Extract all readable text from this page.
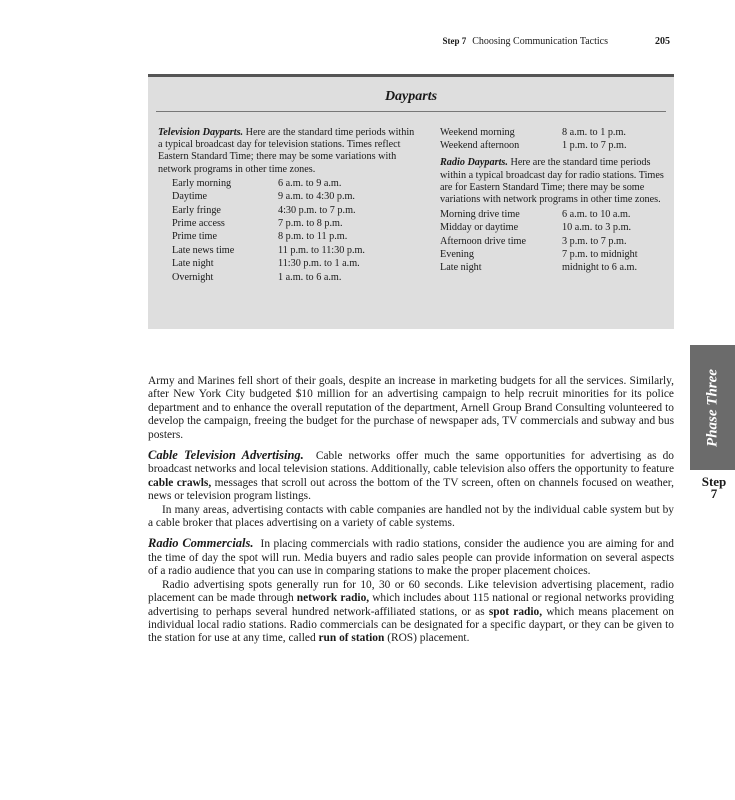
Step 7 Choosing Communication Tactics	205
Dayparts
Television Dayparts. Here are the standard time periods within a typical broadcast day for television stations. Times reflect Eastern Standard Time; there may be some variations with network programs in other time zones.
Early morning	6 a.m. to 9 a.m.
Daytime	9 a.m. to 4:30 p.m.
Early fringe	4:30 p.m. to 7 p.m.
Prime access	7 p.m. to 8 p.m.
Prime time	8 p.m. to 11 p.m.
Late news time	11 p.m. to 11:30 p.m.
Late night	11:30 p.m. to 1 a.m.
Overnight	1 a.m. to 6 a.m.
Weekend morning	8 a.m. to 1 p.m.
Weekend afternoon	1 p.m. to 7 p.m.
Radio Dayparts. Here are the standard time periods within a typical broadcast day for radio stations. Times are for Eastern Standard Time; there may be some variations with network programs in other time zones.
Morning drive time	6 a.m. to 10 a.m.
Midday or daytime	10 a.m. to 3 p.m.
Afternoon drive time	3 p.m. to 7 p.m.
Evening	7 p.m. to midnight
Late night	midnight to 6 a.m.
Phase Three
Step
7

Army and Marines fell short of their goals, despite an increase in marketing budgets for all the services. Similarly, after New York City budgeted $10 million for an advertising campaign to help recruit minorities for its police department and to enhance the overall reputation of the department, Arnell Group Brand Consulting volunteered to develop the campaign, freeing the budget for the purchase of newspaper ads, TV commercials and subway and bus posters.

Cable Television Advertising. Cable networks offer much the same opportunities for advertising as do broadcast networks and local television stations. Additionally, cable television also offers the opportunity to feature cable crawls, messages that scroll out across the bottom of the TV screen, often on channels focused on weather, news or television program listings.

In many areas, advertising contacts with cable companies are handled not by the individual cable system but by a cable broker that places advertising on a variety of cable systems.

Radio Commercials. In placing commercials with radio stations, consider the audience you are aiming for and the time of day the spot will run. Media buyers and radio sales people can provide information on several aspects of a radio audience that you can use in comparing stations to make the proper placement choices.

Radio advertising spots generally run for 10, 30 or 60 seconds. Like television advertising placement, radio placement can be made through network radio, which includes about 115 national or regional networks providing advertising to perhaps several hundred network-affiliated stations, or as spot radio, which means placement on individual local radio stations. Radio commercials can be designated for a specific daypart, or they can be given to the station for use at any time, called run of station (ROS) placement.
